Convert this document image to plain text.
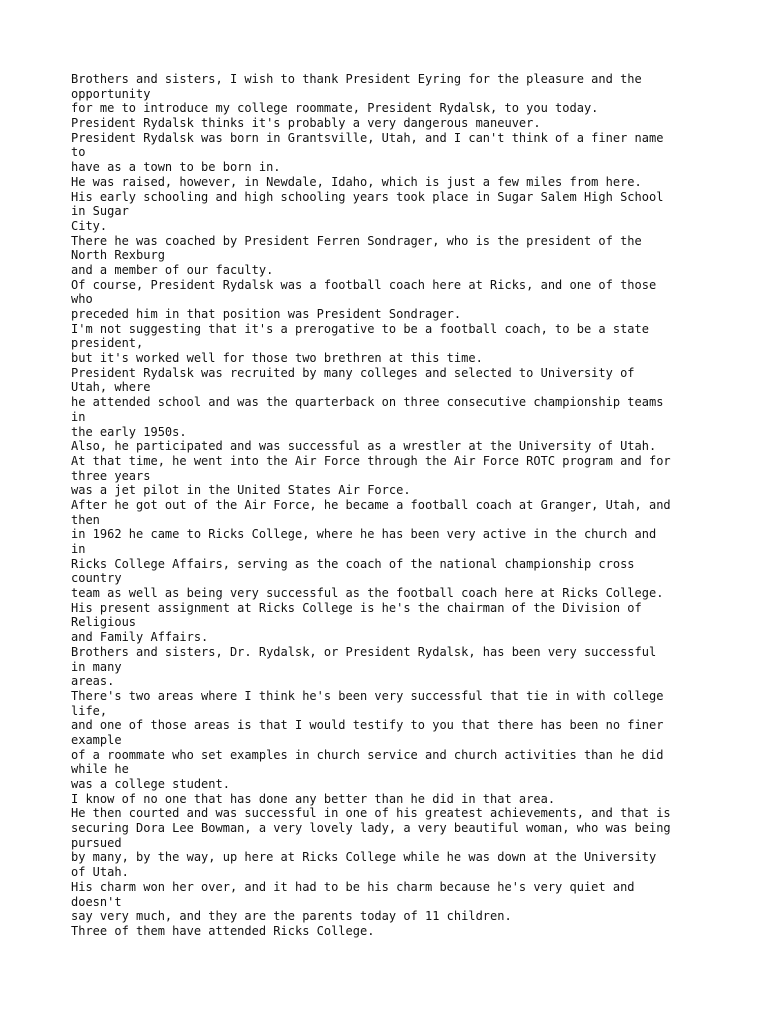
Brothers and sisters, I wish to thank President Eyring for the pleasure and the
opportunity
for me to introduce my college roommate, President Rydalsk, to you today.
President Rydalsk thinks it's probably a very dangerous maneuver.
President Rydalsk was born in Grantsville, Utah, and I can't think of a finer name
to
have as a town to be born in.
He was raised, however, in Newdale, Idaho, which is just a few miles from here.
His early schooling and high schooling years took place in Sugar Salem High School
in Sugar
City.
There he was coached by President Ferren Sondrager, who is the president of the
North Rexburg
and a member of our faculty.
Of course, President Rydalsk was a football coach here at Ricks, and one of those
who
preceded him in that position was President Sondrager.
I'm not suggesting that it's a prerogative to be a football coach, to be a state
president,
but it's worked well for those two brethren at this time.
President Rydalsk was recruited by many colleges and selected to University of
Utah, where
he attended school and was the quarterback on three consecutive championship teams
in
the early 1950s.
Also, he participated and was successful as a wrestler at the University of Utah.
At that time, he went into the Air Force through the Air Force ROTC program and for
three years
was a jet pilot in the United States Air Force.
After he got out of the Air Force, he became a football coach at Granger, Utah, and
then
in 1962 he came to Ricks College, where he has been very active in the church and
in
Ricks College Affairs, serving as the coach of the national championship cross
country
team as well as being very successful as the football coach here at Ricks College.
His present assignment at Ricks College is he's the chairman of the Division of
Religious
and Family Affairs.
Brothers and sisters, Dr. Rydalsk, or President Rydalsk, has been very successful
in many
areas.
There's two areas where I think he's been very successful that tie in with college
life,
and one of those areas is that I would testify to you that there has been no finer
example
of a roommate who set examples in church service and church activities than he did
while he
was a college student.
I know of no one that has done any better than he did in that area.
He then courted and was successful in one of his greatest achievements, and that is
securing Dora Lee Bowman, a very lovely lady, a very beautiful woman, who was being
pursued
by many, by the way, up here at Ricks College while he was down at the University
of Utah.
His charm won her over, and it had to be his charm because he's very quiet and
doesn't
say very much, and they are the parents today of 11 children.
Three of them have attended Ricks College.
